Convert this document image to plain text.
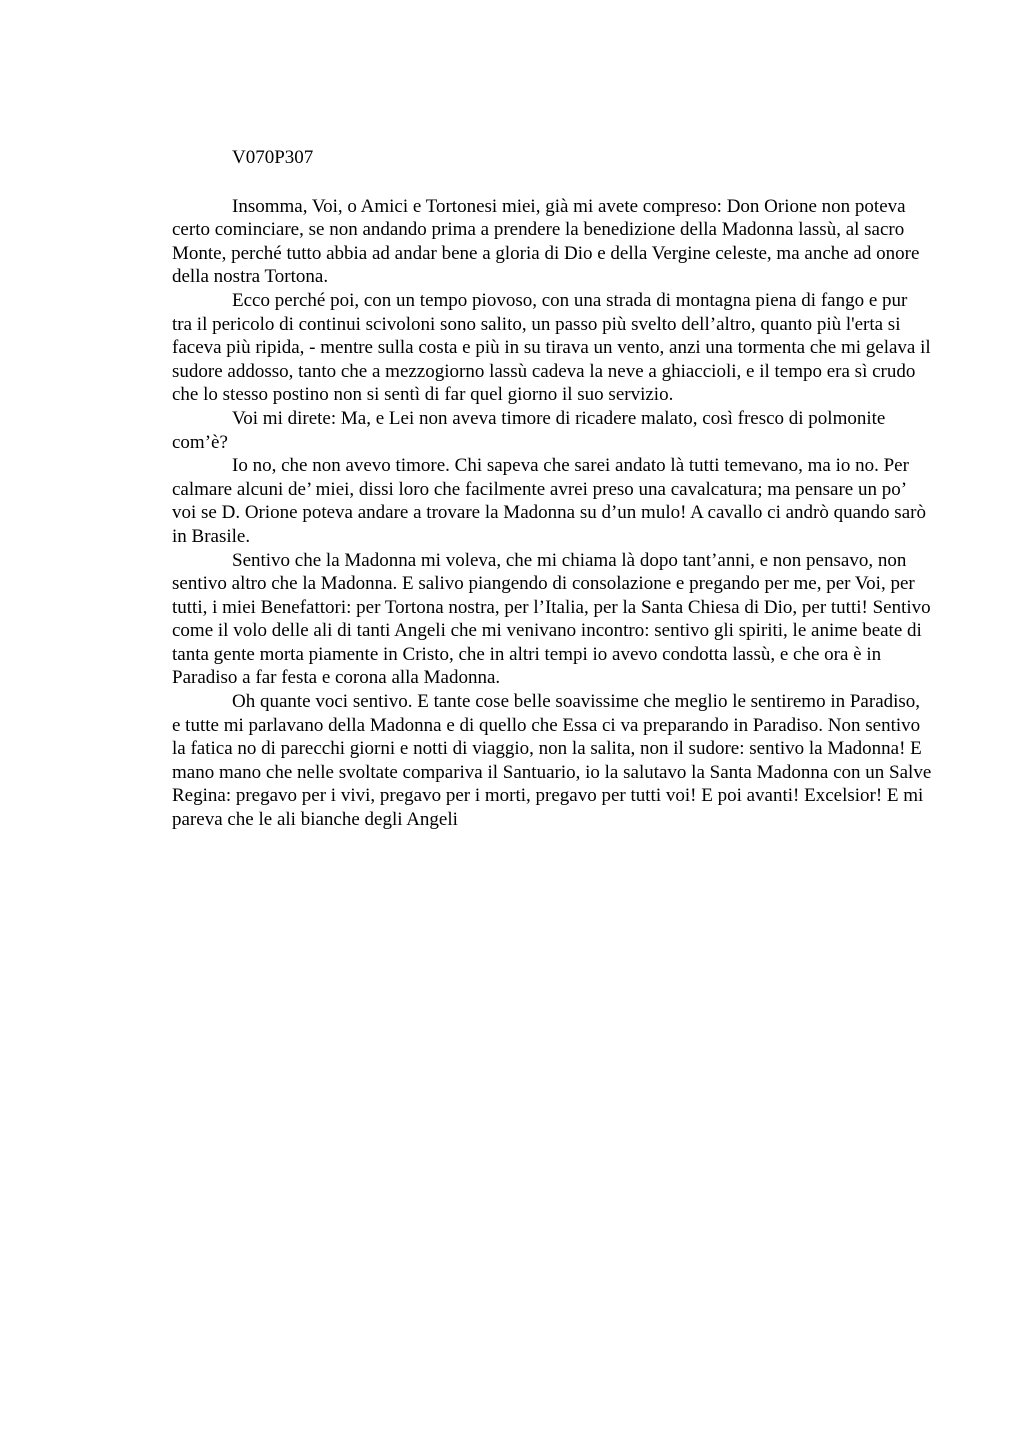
V070P307

Insomma, Voi, o Amici e Tortonesi miei, già mi avete compreso: Don Orione non poteva certo cominciare, se non andando prima a prendere la benedizione della Madonna lassù, al sacro Monte, perché tutto abbia ad andar bene a gloria di Dio e della Vergine celeste, ma anche ad onore della nostra Tortona.

Ecco perché poi, con un tempo piovoso, con una strada di montagna piena di fango e pur tra il pericolo di continui scivoloni sono salito, un passo più svelto dell’altro, quanto più l'erta si faceva più ripida, - mentre sulla costa e più in su tirava un vento, anzi una tormenta che mi gelava il sudore addosso, tanto che a mezzogiorno lassù cadeva la neve a ghiaccioli, e il tempo era sì crudo che lo stesso postino non si sentì di far quel giorno il suo servizio.

Voi mi direte: Ma, e Lei non aveva timore di ricadere malato, così fresco di polmonite com’è?

Io no, che non avevo timore. Chi sapeva che sarei andato là tutti temevano, ma io no. Per calmare alcuni de’ miei, dissi loro che facilmente avrei preso una cavalcatura; ma pensare un po’ voi se D. Orione poteva andare a trovare la Madonna su d’un mulo! A cavallo ci andrò quando sarò in Brasile.

Sentivo che la Madonna mi voleva, che mi chiama là dopo tant’anni, e non pensavo, non sentivo altro che la Madonna. E salivo piangendo di consolazione e pregando per me, per Voi, per tutti, i miei Benefattori: per Tortona nostra, per l’Italia, per la Santa Chiesa di Dio, per tutti! Sentivo come il volo delle ali di tanti Angeli che mi venivano incontro: sentivo gli spiriti, le anime beate di tanta gente morta piamente in Cristo, che in altri tempi io avevo condotta lassù, e che ora è in Paradiso a far festa e corona alla Madonna.

Oh quante voci sentivo. E tante cose belle soavissime che meglio le sentiremo in Paradiso, e tutte mi parlavano della Madonna e di quello che Essa ci va preparando in Paradiso. Non sentivo la fatica no di parecchi giorni e notti di viaggio, non la salita, non il sudore: sentivo la Madonna! E mano mano che nelle svoltate compariva il Santuario, io la salutavo la Santa Madonna con un Salve Regina: pregavo per i vivi, pregavo per i morti, pregavo per tutti voi! E poi avanti! Excelsior! E mi pareva che le ali bianche degli Angeli
